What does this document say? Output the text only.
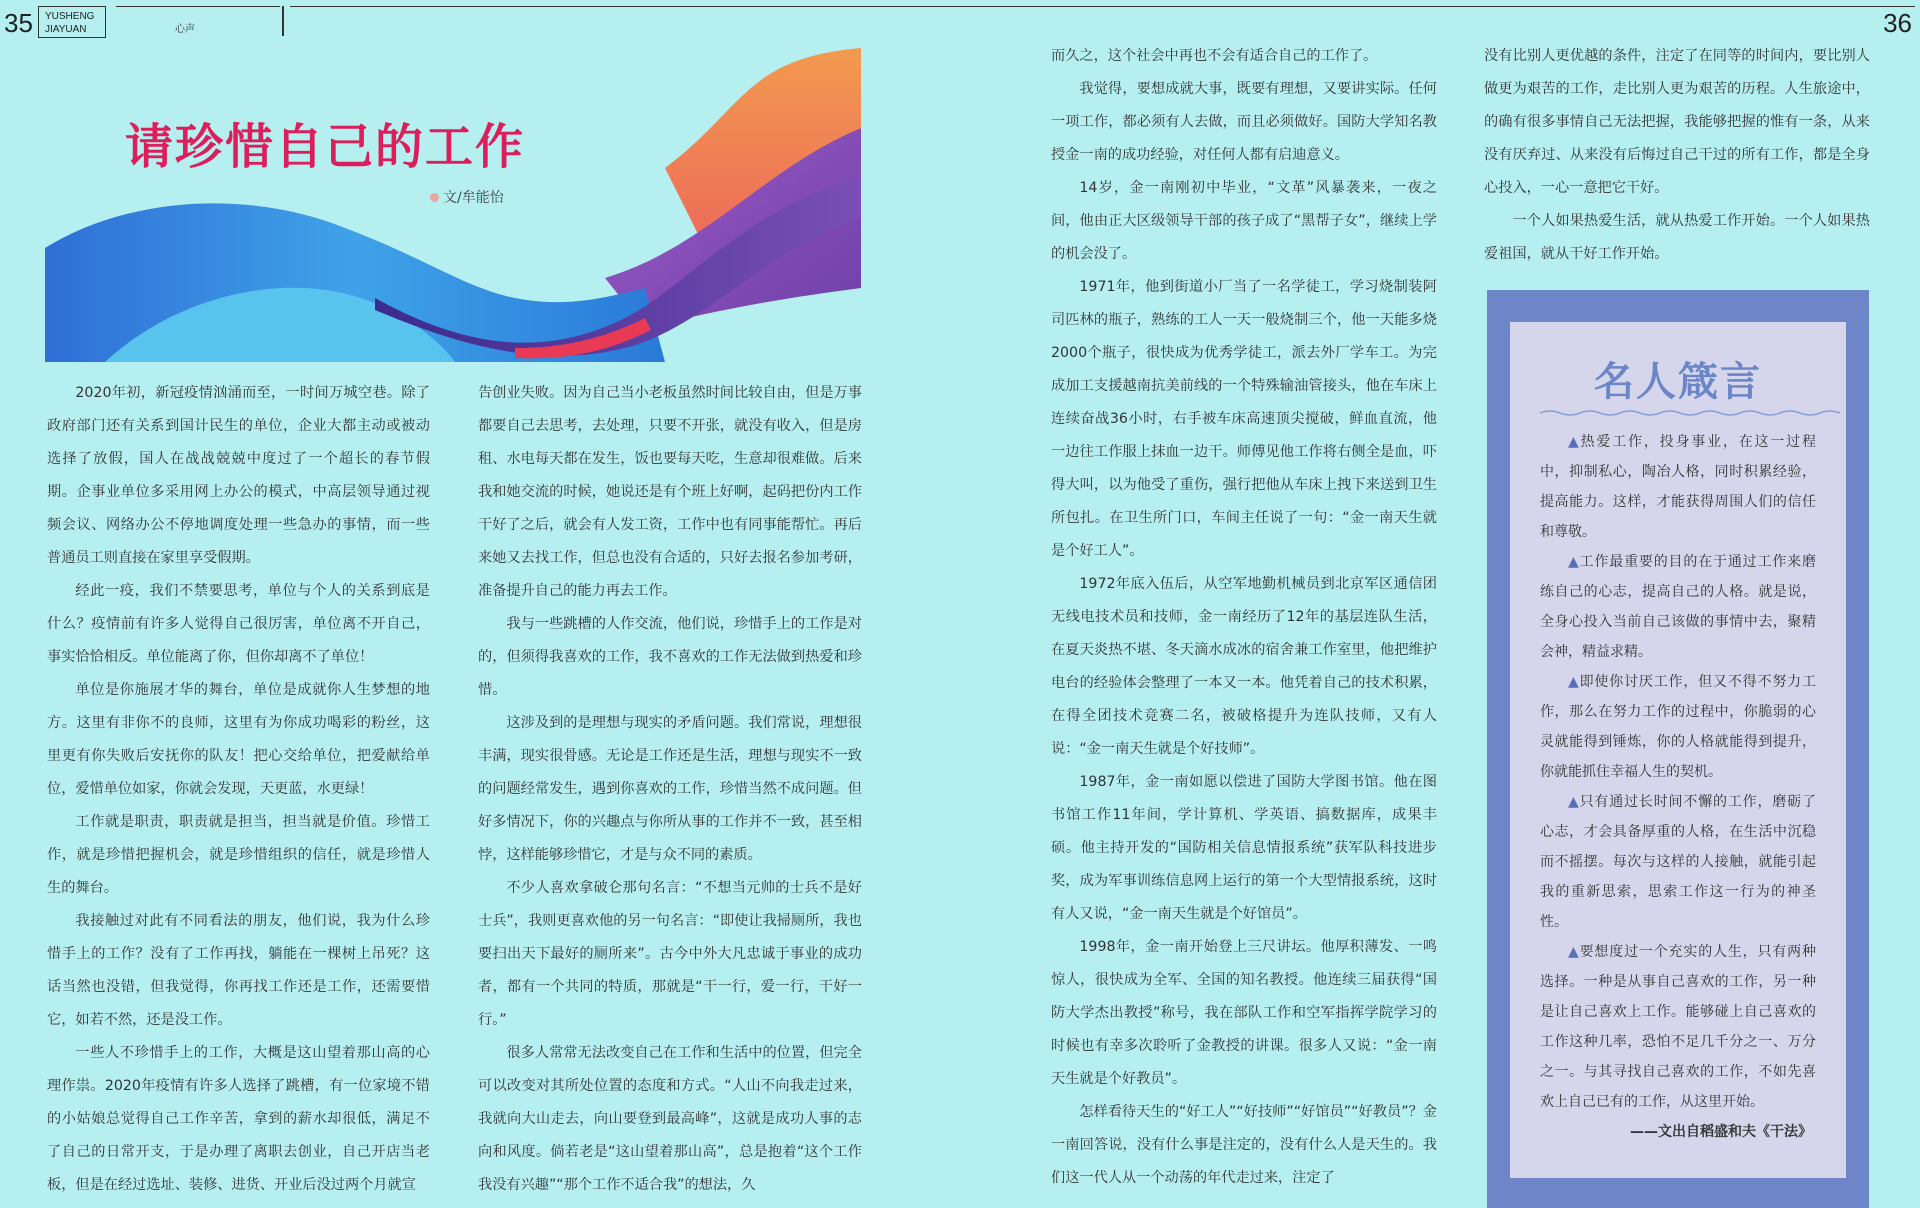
35 YUSHENG
JIAYUAN	心声	36
请珍惜自己的工作
文/牟能怡

2020年初，新冠疫情汹涌而至，一时间万城空巷。除了政府部门还有关系到国计民生的单位，企业大都主动或被动选择了放假，国人在战战兢兢中度过了一个超长的春节假期。企事业单位多采用网上办公的模式，中高层领导通过视频会议、网络办公不停地调度处理一些急办的事情，而一些普通员工则直接在家里享受假期。

经此一疫，我们不禁要思考，单位与个人的关系到底是什么？疫情前有许多人觉得自己很厉害，单位离不开自己，事实恰恰相反。单位能离了你，但你却离不了单位！

单位是你施展才华的舞台，单位是成就你人生梦想的地方。这里有非你不的良师，这里有为你成功喝彩的粉丝，这里更有你失败后安抚你的队友！把心交给单位，把爱献给单位，爱惜单位如家，你就会发现，天更蓝，水更绿！

工作就是职责，职责就是担当，担当就是价值。珍惜工作，就是珍惜把握机会，就是珍惜组织的信任，就是珍惜人生的舞台。

我接触过对此有不同看法的朋友，他们说，我为什么珍惜手上的工作？没有了工作再找，躺能在一棵树上吊死？这话当然也没错，但我觉得，你再找工作还是工作，还需要惜它，如若不然，还是没工作。

一些人不珍惜手上的工作，大概是这山望着那山高的心理作祟。2020年疫情有许多人选择了跳槽，有一位家境不错的小姑娘总觉得自己工作辛苦，拿到的薪水却很低，满足不了自己的日常开支，于是办理了离职去创业，自己开店当老板，但是在经过选址、装修、进货、开业后没过两个月就宣

告创业失败。因为自己当小老板虽然时间比较自由，但是万事都要自己去思考，去处理，只要不开张，就没有收入，但是房租、水电每天都在发生，饭也要每天吃，生意却很难做。后来我和她交流的时候，她说还是有个班上好啊，起码把份内工作干好了之后，就会有人发工资，工作中也有同事能帮忙。再后来她又去找工作，但总也没有合适的，只好去报名参加考研，准备提升自己的能力再去工作。

我与一些跳槽的人作交流，他们说，珍惜手上的工作是对的，但须得我喜欢的工作，我不喜欢的工作无法做到热爱和珍惜。

这涉及到的是理想与现实的矛盾问题。我们常说，理想很丰满，现实很骨感。无论是工作还是生活，理想与现实不一致的问题经常发生，遇到你喜欢的工作，珍惜当然不成问题。但好多情况下，你的兴趣点与你所从事的工作并不一致，甚至相悖，这样能够珍惜它，才是与众不同的素质。

不少人喜欢拿破仑那句名言：“不想当元帅的士兵不是好士兵”，我则更喜欢他的另一句名言：“即使让我掃厕所，我也要扫出天下最好的厕所来”。古今中外大凡忠诚于事业的成功者，都有一个共同的特质，那就是“干一行，爱一行，干好一行。”

很多人常常无法改变自己在工作和生活中的位置，但完全可以改变对其所处位置的态度和方式。“人山不向我走过来，我就向大山走去，向山要登到最高峰”，这就是成功人事的志向和风度。倘若老是“这山望着那山高”，总是抱着“这个工作我没有兴趣”“那个工作不适合我”的想法，久

而久之，这个社会中再也不会有适合自己的工作了。

我觉得，要想成就大事，既要有理想，又要讲实际。任何一项工作，都必须有人去做，而且必须做好。国防大学知名教授金一南的成功经验，对任何人都有启迪意义。

14岁，金一南刚初中毕业，“文革”风暴袭来，一夜之间，他由正大区级领导干部的孩子成了“黑帮子女”，继续上学的机会没了。

1971年，他到街道小厂当了一名学徒工，学习烧制装阿司匹林的瓶子，熟练的工人一天一般烧制三个，他一天能多烧2000个瓶子，很快成为优秀学徒工，派去外厂学车工。为完成加工支援越南抗美前线的一个特殊输油管接头，他在车床上连续奋战36小时，右手被车床高速顶尖搅破，鲜血直流，他一边往工作服上抹血一边干。师傅见他工作将右侧全是血，吓得大叫，以为他受了重伤，强行把他从车床上拽下来送到卫生所包扎。在卫生所门口，车间主任说了一句：“金一南天生就是个好工人”。

1972年底入伍后，从空军地勤机械员到北京军区通信团无线电技术员和技师，金一南经历了12年的基层连队生活，在夏天炎热不堪、冬天滴水成冰的宿舍兼工作室里，他把维护电台的经验体会整理了一本又一本。他凭着自己的技术积累，在得全团技术竞赛二名，被破格提升为连队技师，又有人说：“金一南天生就是个好技师”。

1987年，金一南如愿以偿进了国防大学图书馆。他在图书馆工作11年间，学计算机、学英语、搞数据库，成果丰硕。他主持开发的“国防相关信息情报系统”获军队科技进步奖，成为军事训练信息网上运行的第一个大型情报系统，这时有人又说，“金一南天生就是个好馆员”。

1998年，金一南开始登上三尺讲坛。他厚积薄发、一鸣惊人，很快成为全军、全国的知名教授。他连续三届获得“国防大学杰出教授”称号，我在部队工作和空军指挥学院学习的时候也有幸多次聆听了金教授的讲课。很多人又说：“金一南天生就是个好教员”。

怎样看待天生的“好工人”“好技师”“好馆员”“好教员”？金一南回答说，没有什么事是注定的，没有什么人是天生的。我们这一代人从一个动荡的年代走过来，注定了

没有比别人更优越的条件，注定了在同等的时间内，要比别人做更为艰苦的工作，走比别人更为艰苦的历程。人生旅途中，的确有很多事情自己无法把握，我能够把握的惟有一条，从来没有厌弃过、从来没有后悔过自己干过的所有工作，都是全身心投入，一心一意把它干好。

一个人如果热爱生活，就从热爱工作开始。一个人如果热爱祖国，就从干好工作开始。

名人箴言

▲热爱工作，投身事业，在这一过程中，抑制私心，陶冶人格，同时积累经验，提高能力。这样，才能获得周围人们的信任和尊敬。

▲工作最重要的目的在于通过工作来磨练自己的心志，提高自己的人格。就是说，全身心投入当前自己该做的事情中去，聚精会神，精益求精。

▲即使你讨厌工作，但又不得不努力工作，那么在努力工作的过程中，你脆弱的心灵就能得到锤炼，你的人格就能得到提升，你就能抓住幸福人生的契机。

▲只有通过长时间不懈的工作，磨砺了心志，才会具备厚重的人格，在生活中沉稳而不摇摆。每次与这样的人接触，就能引起我的重新思索，思索工作这一行为的神圣性。

▲要想度过一个充实的人生，只有两种选择。一种是从事自己喜欢的工作，另一种是让自己喜欢上工作。能够碰上自己喜欢的工作这种几率，恐怕不足几千分之一、万分之一。与其寻找自己喜欢的工作，不如先喜欢上自己已有的工作，从这里开始。

——文出自稻盛和夫《干法》
